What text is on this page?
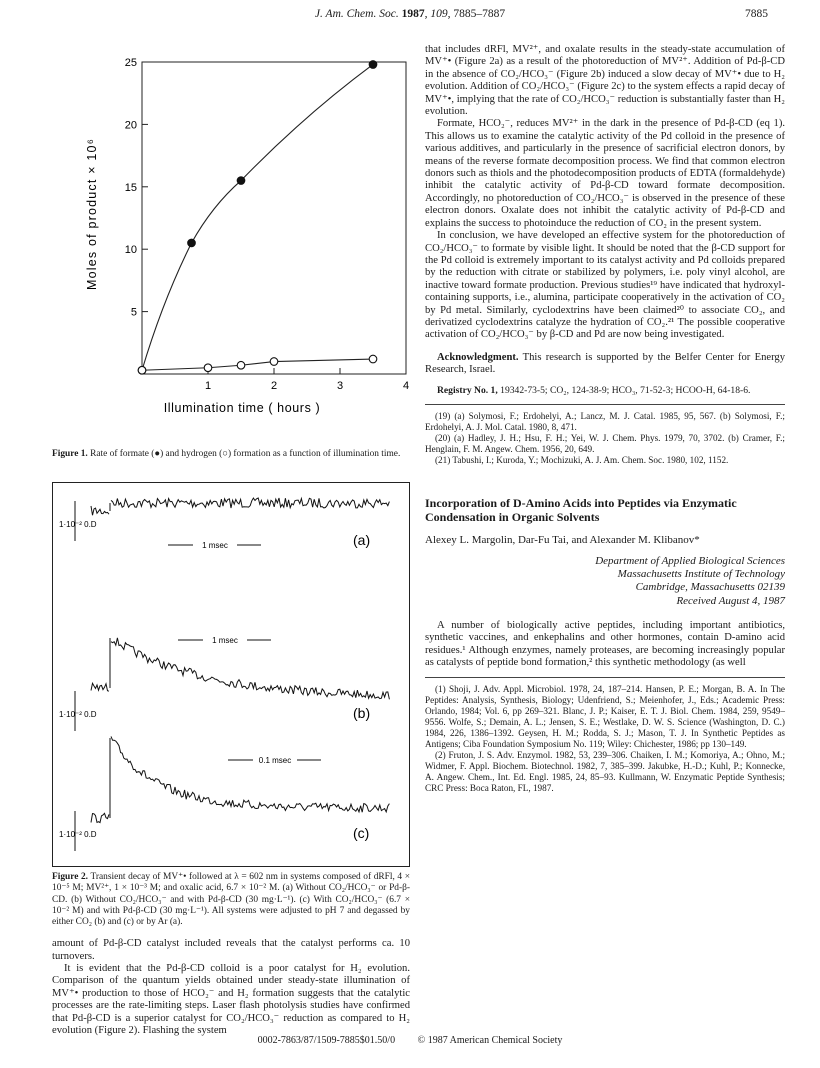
J. Am. Chem. Soc. 1987, 109, 7885–7887	7885
1	2	3	4
5
10
15
20
25
Illumination time ( hours )
Moles of product × 10⁶

Figure 1. Rate of formate (●) and hydrogen (○) formation as a function of illumination time.

1·10⁻² 0.D
1 msec	(a)
1·10⁻² 0.D
1 msec
(b)
1·10⁻² 0.D
0.1 msec
(c)

Figure 2. Transient decay of MV⁺• followed at λ = 602 nm in systems composed of dRFl, 4 × 10⁻⁵ M; MV²⁺, 1 × 10⁻³ M; and oxalic acid, 6.7 × 10⁻² M. (a) Without CO₂/HCO₃⁻ or Pd-β-CD. (b) Without CO₂/HCO₃⁻ and with Pd-β-CD (30 mg·L⁻¹). (c) With CO₂/HCO₃⁻ (6.7 × 10⁻² M) and with Pd-β-CD (30 mg·L⁻¹). All systems were adjusted to pH 7 and degassed by either CO₂ (b) and (c) or by Ar (a).

amount of Pd-β-CD catalyst included reveals that the catalyst performs ca. 10 turnovers.

It is evident that the Pd-β-CD colloid is a poor catalyst for H₂ evolution. Comparison of the quantum yields obtained under steady-state illumination of MV⁺• production to those of HCO₂⁻ and H₂ formation suggests that the catalytic processes are the rate-limiting steps. Laser flash photolysis studies have confirmed that Pd-β-CD is a superior catalyst for CO₂/HCO₃⁻ reduction as compared to H₂ evolution (Figure 2). Flashing the system

that includes dRFl, MV²⁺, and oxalate results in the steady-state accumulation of MV⁺• (Figure 2a) as a result of the photoreduction of MV²⁺. Addition of Pd-β-CD in the absence of CO₂/HCO₃⁻ (Figure 2b) induced a slow decay of MV⁺• due to H₂ evolution. Addition of CO₂/HCO₃⁻ (Figure 2c) to the system effects a rapid decay of MV⁺•, implying that the rate of CO₂/HCO₃⁻ reduction is substantially faster than H₂ evolution.

Formate, HCO₂⁻, reduces MV²⁺ in the dark in the presence of Pd-β-CD (eq 1). This allows us to examine the catalytic activity of the Pd colloid in the presence of various additives, and particularly in the presence of sacrificial electron donors, by means of the reverse formate decomposition process. We find that common electron donors such as thiols and the photodecomposition products of EDTA (formaldehyde) inhibit the catalytic activity of Pd-β-CD toward formate decomposition. Accordingly, no photoreduction of CO₂/HCO₃⁻ is observed in the presence of these electron donors. Oxalate does not inhibit the catalytic activity of Pd-β-CD and explains the success to photoinduce the reduction of CO₂ in the present system.

In conclusion, we have developed an effective system for the photoreduction of CO₂/HCO₃⁻ to formate by visible light. It should be noted that the β-CD support for the Pd colloid is extremely important to its catalyst activity and Pd colloids prepared by the reduction with citrate or stabilized by polymers, i.e. poly vinyl alcohol, are inactive toward formate production. Previous studies¹⁹ have indicated that hydroxyl-containing supports, i.e., alumina, participate cooperatively in the activation of CO₂ by Pd metal. Similarly, cyclodextrins have been claimed²⁰ to associate CO₂, and derivatized cyclodextrins catalyze the hydration of CO₂.²¹ The possible cooperative activation of CO₂/HCO₃⁻ by β-CD and Pd are now being investigated.

Acknowledgment. This research is supported by the Belfer Center for Energy Research, Israel.

Registry No. 1, 19342-73-5; CO₂, 124-38-9; HCO₃, 71-52-3; HCOO-H, 64-18-6.

(19) (a) Solymosi, F.; Erdohelyi, A.; Lancz, M. J. Catal. 1985, 95, 567. (b) Solymosi, F.; Erdohelyi, A. J. Mol. Catal. 1980, 8, 471.

(20) (a) Hadley, J. H.; Hsu, F. H.; Yei, W. J. Chem. Phys. 1979, 70, 3702. (b) Cramer, F.; Henglain, F. M. Angew. Chem. 1956, 20, 649.

(21) Tabushi, I.; Kuroda, Y.; Mochizuki, A. J. Am. Chem. Soc. 1980, 102, 1152.

Incorporation of D-Amino Acids into Peptides via Enzymatic Condensation in Organic Solvents
Alexey L. Margolin, Dar-Fu Tai, and Alexander M. Klibanov*
Department of Applied Biological Sciences
Massachusetts Institute of Technology
Cambridge, Massachusetts 02139
Received August 4, 1987

A number of biologically active peptides, including important antibiotics, synthetic vaccines, and enkephalins and other hormones, contain D-amino acid residues.¹ Although enzymes, namely proteases, are becoming increasingly popular as catalysts of peptide bond formation,² this synthetic methodology (as well

(1) Shoji, J. Adv. Appl. Microbiol. 1978, 24, 187–214. Hansen, P. E.; Morgan, B. A. In The Peptides: Analysis, Synthesis, Biology; Udenfriend, S.; Meienhofer, J., Eds.; Academic Press: Orlando, 1984; Vol. 6, pp 269–321. Blanc, J. P.; Kaiser, E. T. J. Biol. Chem. 1984, 259, 9549–9556. Wolfe, S.; Demain, A. L.; Jensen, S. E.; Westlake, D. W. S. Science (Washington, D. C.) 1984, 226, 1386–1392. Geysen, H. M.; Rodda, S. J.; Mason, T. J. In Synthetic Peptides as Antigens; Ciba Foundation Symposium No. 119; Wiley: Chichester, 1986; pp 130–149.

(2) Fruton, J. S. Adv. Enzymol. 1982, 53, 239–306. Chaiken, I. M.; Komoriya, A.; Ohno, M.; Widmer, F. Appl. Biochem. Biotechnol. 1982, 7, 385–399. Jakubke, H.-D.; Kuhl, P.; Konnecke, A. Angew. Chem., Int. Ed. Engl. 1985, 24, 85–93. Kullmann, W. Enzymatic Peptide Synthesis; CRC Press: Boca Raton, FL, 1987.

0002-7863/87/1509-7885$01.50/0 © 1987 American Chemical Society
